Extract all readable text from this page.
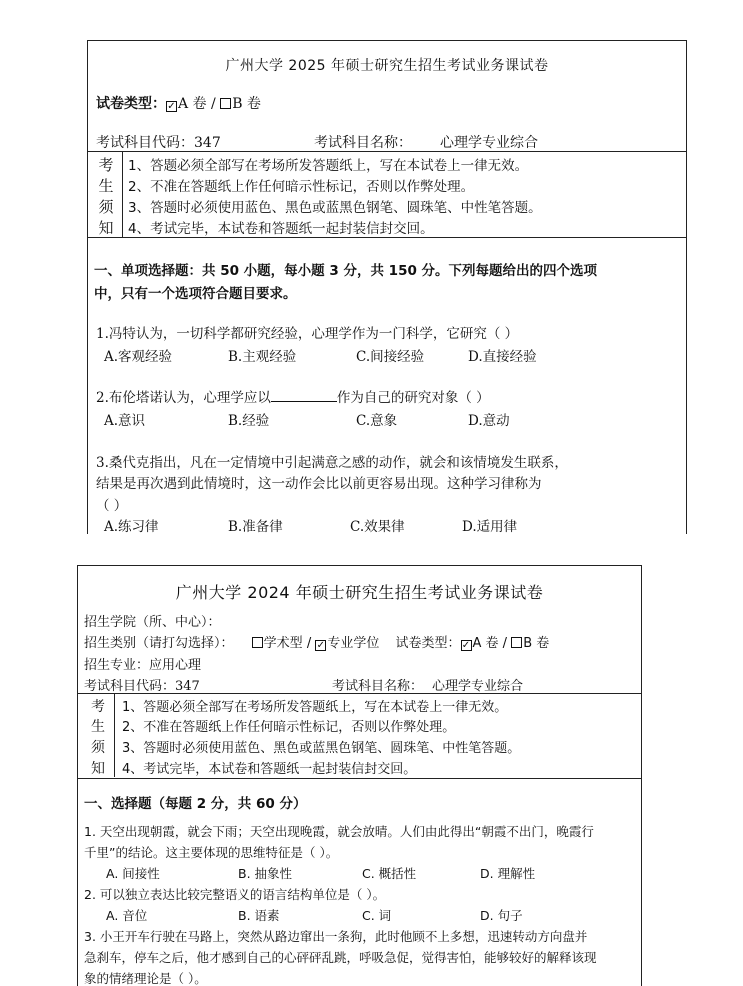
广州大学 2025 年硕士研究生招生考试业务课试卷
试卷类型：✓ A 卷 / B 卷
考试科目代码：347	考试科目名称： 心理学专业综合
考
生
须
知
1、答题必须全部写在考场所发答题纸上，写在本试卷上一律无效。
2、不准在答题纸上作任何暗示性标记，否则以作弊处理。
3、答题时必须使用蓝色、黑色或蓝黑色钢笔、圆珠笔、中性笔答题。
4、考试完毕，本试卷和答题纸一起封装信封交回。
一、单项选择题：共 50 小题，每小题 3 分，共 150 分。下列每题给出的四个选项
中，只有一个选项符合题目要求。
1.冯特认为，一切科学都研究经验，心理学作为一门科学，它研究（ ）
A.客观经验	B.主观经验	C.间接经验	D.直接经验
2.布伦塔诺认为，心理学应以	作为自己的研究对象（ ）
A.意识	B.经验	C.意象	D.意动
3.桑代克指出，凡在一定情境中引起满意之感的动作，就会和该情境发生联系，
结果是再次遇到此情境时，这一动作会比以前更容易出现。这种学习律称为
（ ）
A.练习律	B.准备律	C.效果律	D.适用律
广州大学 2024 年硕士研究生招生考试业务课试卷
招生学院（所、中心）：
招生类别（请打勾选择）： 学术型 / ✓ 专业学位 试卷类型：✓ A 卷 / B 卷
招生专业：应用心理
考试科目代码：347	考试科目名称： 心理学专业综合
考
生
须
知
1、答题必须全部写在考场所发答题纸上，写在本试卷上一律无效。
2、不准在答题纸上作任何暗示性标记，否则以作弊处理。
3、答题时必须使用蓝色、黑色或蓝黑色钢笔、圆珠笔、中性笔答题。
4、考试完毕，本试卷和答题纸一起封装信封交回。
一、选择题（每题 2 分，共 60 分）
1. 天空出现朝霞，就会下雨；天空出现晚霞，就会放晴。人们由此得出“朝霞不出门，晚霞行
千里”的结论。这主要体现的思维特征是（ ）。
A. 间接性	B. 抽象性	C. 概括性	D. 理解性
2. 可以独立表达比较完整语义的语言结构单位是（ ）。
A. 音位	B. 语素	C. 词	D. 句子
3. 小王开车行驶在马路上，突然从路边窜出一条狗，此时他顾不上多想，迅速转动方向盘并
急刹车，停车之后，他才感到自己的心砰砰乱跳，呼吸急促，觉得害怕，能够较好的解释该现
象的情绪理论是（ ）。
